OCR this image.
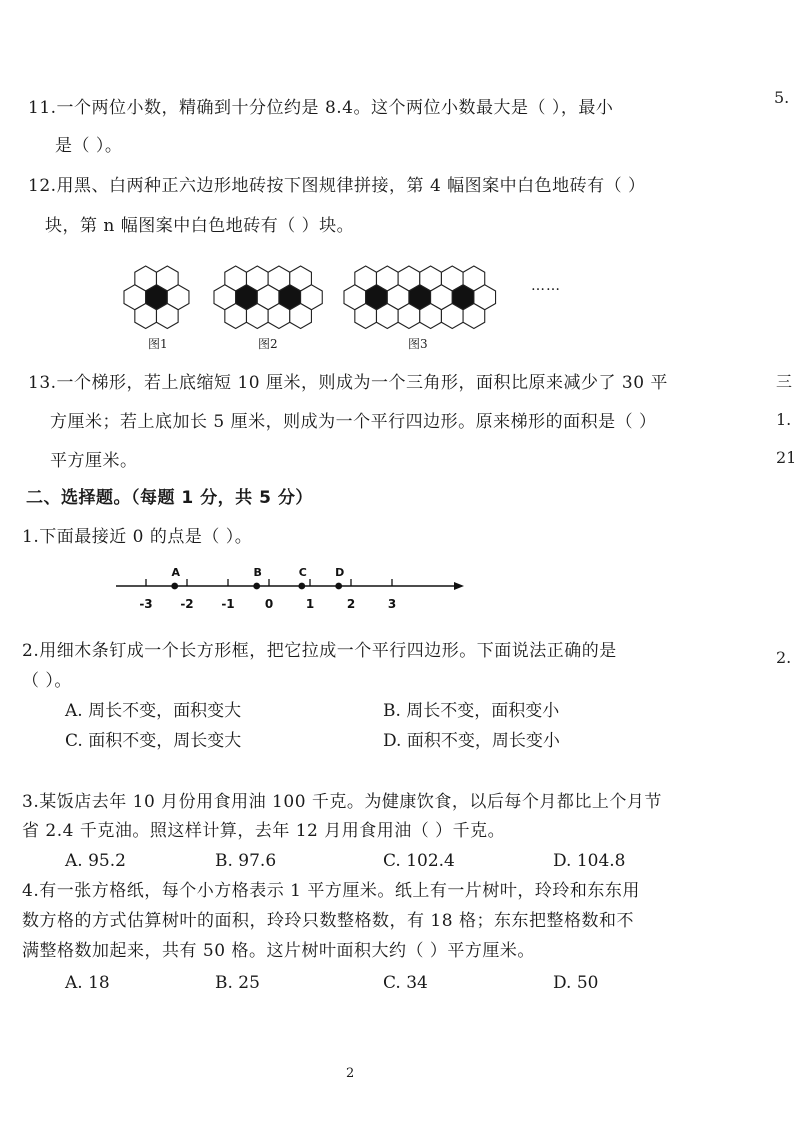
11.一个两位小数，精确到十分位约是 8.4。这个两位小数最大是（ ），最小
是（ ）。
12.用黑、白两种正六边形地砖按下图规律拼接，第 4 幅图案中白色地砖有（ ）
块，第 n 幅图案中白色地砖有（ ）块。
图1	图2	图3
……
13.一个梯形，若上底缩短 10 厘米，则成为一个三角形，面积比原来减少了 30 平
方厘米；若上底加长 5 厘米，则成为一个平行四边形。原来梯形的面积是（ ）
平方厘米。
二、选择题。（每题 1 分，共 5 分）
1.下面最接近 0 的点是（ ）。
-3 -2 -1	0	1	2	3
A	B	C	D
2.用细木条钉成一个长方形框，把它拉成一个平行四边形。下面说法正确的是
（ ）。
A. 周长不变，面积变大	B. 周长不变，面积变小
C. 面积不变，周长变大	D. 面积不变，周长变小
3.某饭店去年 10 月份用食用油 100 千克。为健康饮食，以后每个月都比上个月节
省 2.4 千克油。照这样计算，去年 12 月用食用油（ ）千克。
A. 95.2	B. 97.6	C. 102.4	D. 104.8
4.有一张方格纸，每个小方格表示 1 平方厘米。纸上有一片树叶，玲玲和东东用
数方格的方式估算树叶的面积，玲玲只数整格数，有 18 格；东东把整格数和不
满整格数加起来，共有 50 格。这片树叶面积大约（ ）平方厘米。
A. 18	B. 25	C. 34	D. 50
5.
三
1.
21
2.
2
